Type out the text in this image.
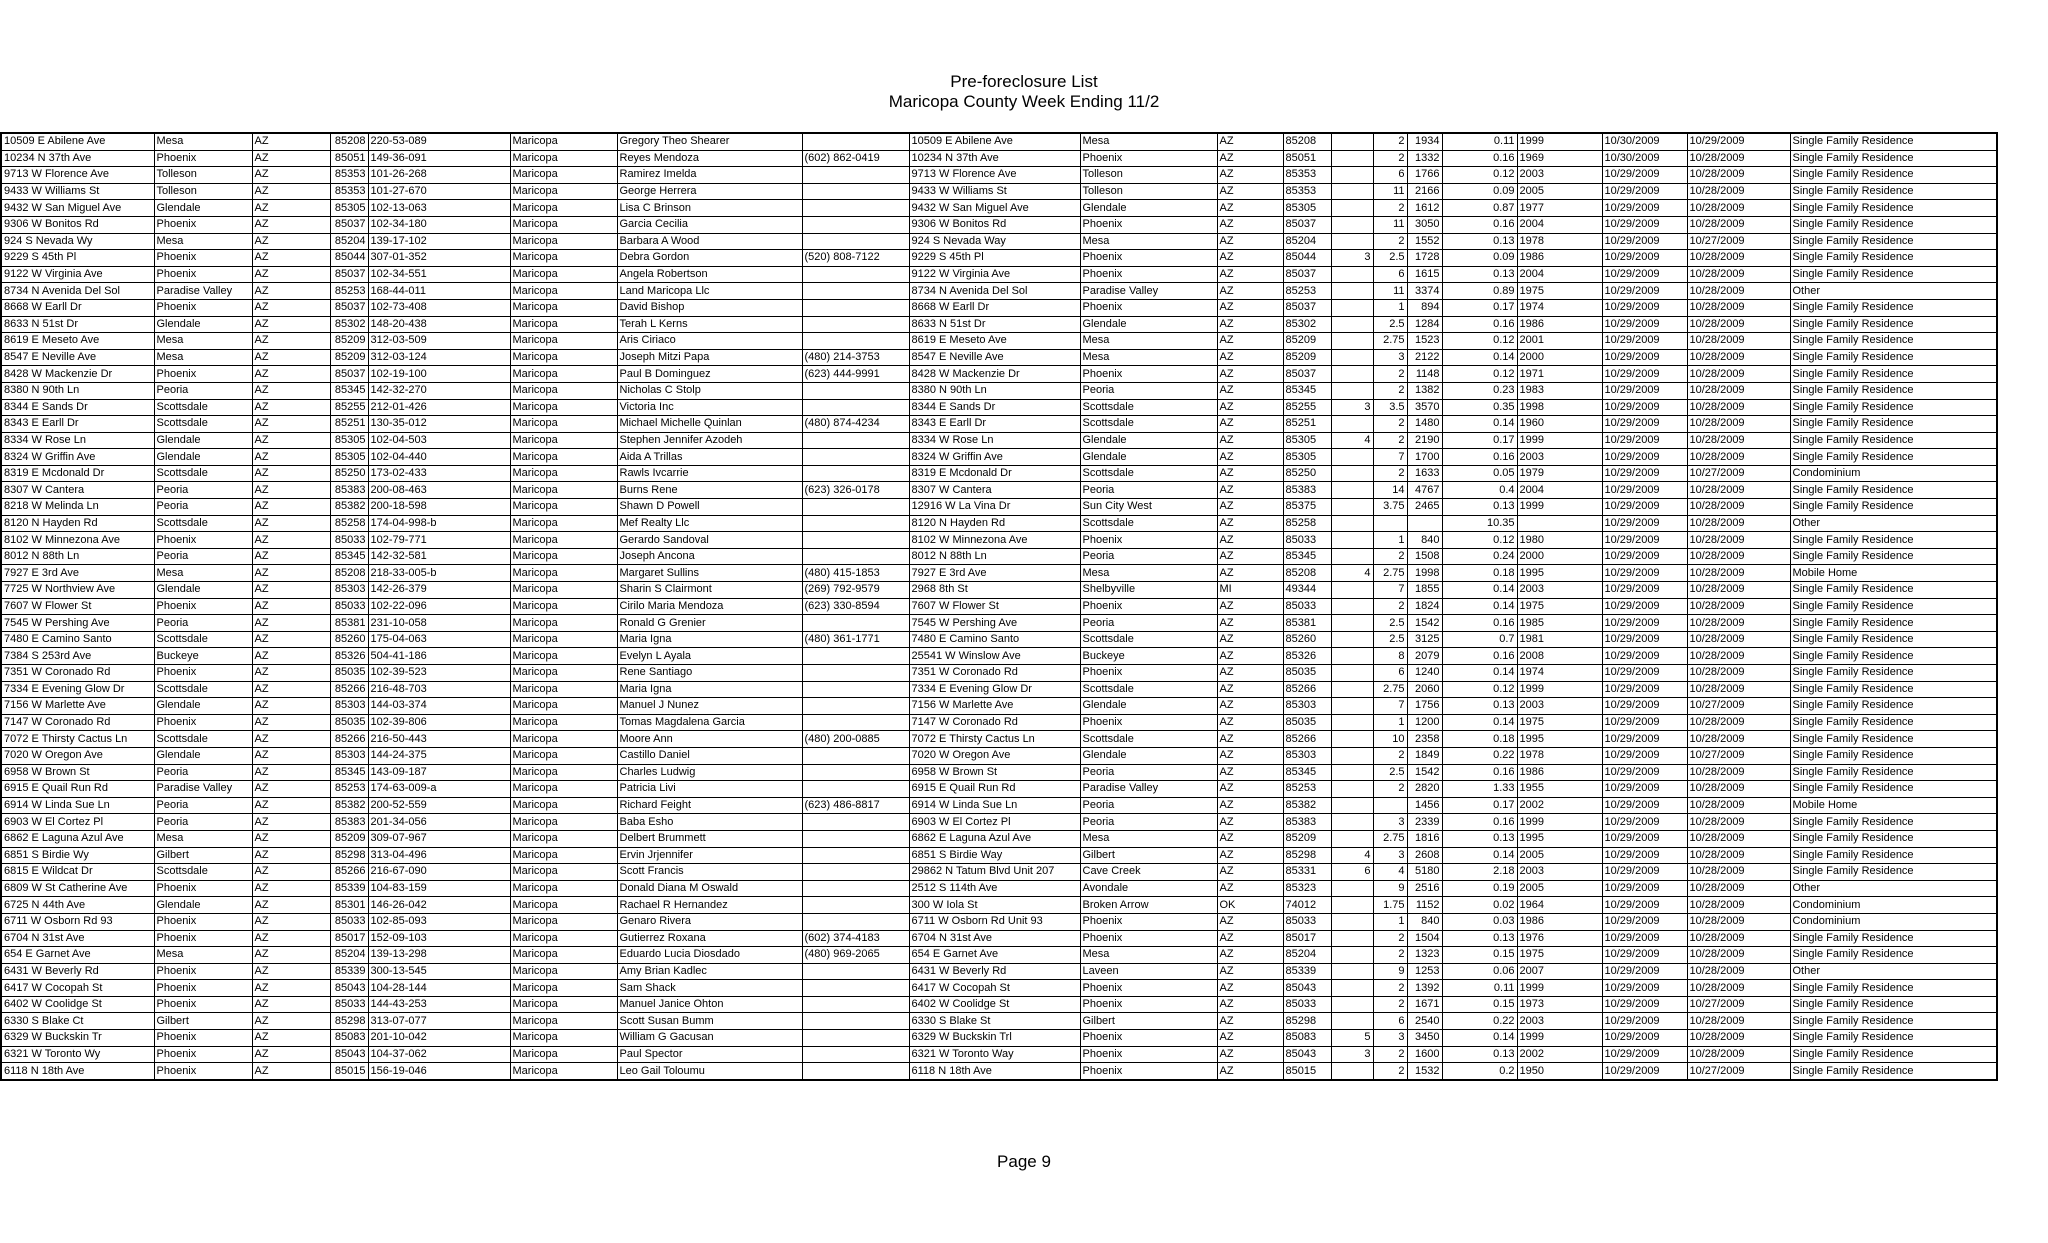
Pre-foreclosure List
Maricopa County Week Ending 11/2
10509 E Abilene Ave	Mesa	AZ	85208	220-53-089	Maricopa	Gregory Theo Shearer		10509 E Abilene Ave	Mesa	AZ	85208		2	1934	0.11	1999	10/30/2009	10/29/2009	Single Family Residence
10234 N 37th Ave	Phoenix	AZ	85051	149-36-091	Maricopa	Reyes Mendoza	(602) 862-0419	10234 N 37th Ave	Phoenix	AZ	85051		2	1332	0.16	1969	10/30/2009	10/28/2009	Single Family Residence
9713 W Florence Ave	Tolleson	AZ	85353	101-26-268	Maricopa	Ramirez Imelda		9713 W Florence Ave	Tolleson	AZ	85353		6	1766	0.12	2003	10/29/2009	10/28/2009	Single Family Residence
9433 W Williams St	Tolleson	AZ	85353	101-27-670	Maricopa	George Herrera		9433 W Williams St	Tolleson	AZ	85353		11	2166	0.09	2005	10/29/2009	10/28/2009	Single Family Residence
9432 W San Miguel Ave	Glendale	AZ	85305	102-13-063	Maricopa	Lisa C Brinson		9432 W San Miguel Ave	Glendale	AZ	85305		2	1612	0.87	1977	10/29/2009	10/28/2009	Single Family Residence
9306 W Bonitos Rd	Phoenix	AZ	85037	102-34-180	Maricopa	Garcia Cecilia		9306 W Bonitos Rd	Phoenix	AZ	85037		11	3050	0.16	2004	10/29/2009	10/28/2009	Single Family Residence
924 S Nevada Wy	Mesa	AZ	85204	139-17-102	Maricopa	Barbara A Wood		924 S Nevada Way	Mesa	AZ	85204		2	1552	0.13	1978	10/29/2009	10/27/2009	Single Family Residence
9229 S 45th Pl	Phoenix	AZ	85044	307-01-352	Maricopa	Debra Gordon	(520) 808-7122	9229 S 45th Pl	Phoenix	AZ	85044	3	2.5	1728	0.09	1986	10/29/2009	10/28/2009	Single Family Residence
9122 W Virginia Ave	Phoenix	AZ	85037	102-34-551	Maricopa	Angela Robertson		9122 W Virginia Ave	Phoenix	AZ	85037		6	1615	0.13	2004	10/29/2009	10/28/2009	Single Family Residence
8734 N Avenida Del Sol	Paradise Valley	AZ	85253	168-44-011	Maricopa	Land Maricopa Llc		8734 N Avenida Del Sol	Paradise Valley	AZ	85253		11	3374	0.89	1975	10/29/2009	10/28/2009	Other
8668 W Earll Dr	Phoenix	AZ	85037	102-73-408	Maricopa	David Bishop		8668 W Earll Dr	Phoenix	AZ	85037		1	894	0.17	1974	10/29/2009	10/28/2009	Single Family Residence
8633 N 51st Dr	Glendale	AZ	85302	148-20-438	Maricopa	Terah L Kerns		8633 N 51st Dr	Glendale	AZ	85302		2.5	1284	0.16	1986	10/29/2009	10/28/2009	Single Family Residence
8619 E Meseto Ave	Mesa	AZ	85209	312-03-509	Maricopa	Aris Ciriaco		8619 E Meseto Ave	Mesa	AZ	85209		2.75	1523	0.12	2001	10/29/2009	10/28/2009	Single Family Residence
8547 E Neville Ave	Mesa	AZ	85209	312-03-124	Maricopa	Joseph Mitzi Papa	(480) 214-3753	8547 E Neville Ave	Mesa	AZ	85209		3	2122	0.14	2000	10/29/2009	10/28/2009	Single Family Residence
8428 W Mackenzie Dr	Phoenix	AZ	85037	102-19-100	Maricopa	Paul B Dominguez	(623) 444-9991	8428 W Mackenzie Dr	Phoenix	AZ	85037		2	1148	0.12	1971	10/29/2009	10/28/2009	Single Family Residence
8380 N 90th Ln	Peoria	AZ	85345	142-32-270	Maricopa	Nicholas C Stolp		8380 N 90th Ln	Peoria	AZ	85345		2	1382	0.23	1983	10/29/2009	10/28/2009	Single Family Residence
8344 E Sands Dr	Scottsdale	AZ	85255	212-01-426	Maricopa	Victoria Inc		8344 E Sands Dr	Scottsdale	AZ	85255	3	3.5	3570	0.35	1998	10/29/2009	10/28/2009	Single Family Residence
8343 E Earll Dr	Scottsdale	AZ	85251	130-35-012	Maricopa	Michael Michelle Quinlan	(480) 874-4234	8343 E Earll Dr	Scottsdale	AZ	85251		2	1480	0.14	1960	10/29/2009	10/28/2009	Single Family Residence
8334 W Rose Ln	Glendale	AZ	85305	102-04-503	Maricopa	Stephen Jennifer Azodeh		8334 W Rose Ln	Glendale	AZ	85305	4	2	2190	0.17	1999	10/29/2009	10/28/2009	Single Family Residence
8324 W Griffin Ave	Glendale	AZ	85305	102-04-440	Maricopa	Aida A Trillas		8324 W Griffin Ave	Glendale	AZ	85305		7	1700	0.16	2003	10/29/2009	10/28/2009	Single Family Residence
8319 E Mcdonald Dr	Scottsdale	AZ	85250	173-02-433	Maricopa	Rawls Ivcarrie		8319 E Mcdonald Dr	Scottsdale	AZ	85250		2	1633	0.05	1979	10/29/2009	10/27/2009	Condominium
8307 W Cantera	Peoria	AZ	85383	200-08-463	Maricopa	Burns Rene	(623) 326-0178	8307 W Cantera	Peoria	AZ	85383		14	4767	0.4	2004	10/29/2009	10/28/2009	Single Family Residence
8218 W Melinda Ln	Peoria	AZ	85382	200-18-598	Maricopa	Shawn D Powell		12916 W La Vina Dr	Sun City West	AZ	85375		3.75	2465	0.13	1999	10/29/2009	10/28/2009	Single Family Residence
8120 N Hayden Rd	Scottsdale	AZ	85258	174-04-998-b	Maricopa	Mef Realty Llc		8120 N Hayden Rd	Scottsdale	AZ	85258				10.35		10/29/2009	10/28/2009	Other
8102 W Minnezona Ave	Phoenix	AZ	85033	102-79-771	Maricopa	Gerardo Sandoval		8102 W Minnezona Ave	Phoenix	AZ	85033		1	840	0.12	1980	10/29/2009	10/28/2009	Single Family Residence
8012 N 88th Ln	Peoria	AZ	85345	142-32-581	Maricopa	Joseph Ancona		8012 N 88th Ln	Peoria	AZ	85345		2	1508	0.24	2000	10/29/2009	10/28/2009	Single Family Residence
7927 E 3rd Ave	Mesa	AZ	85208	218-33-005-b	Maricopa	Margaret Sullins	(480) 415-1853	7927 E 3rd Ave	Mesa	AZ	85208	4	2.75	1998	0.18	1995	10/29/2009	10/28/2009	Mobile Home
7725 W Northview Ave	Glendale	AZ	85303	142-26-379	Maricopa	Sharin S Clairmont	(269) 792-9579	2968 8th St	Shelbyville	MI	49344		7	1855	0.14	2003	10/29/2009	10/28/2009	Single Family Residence
7607 W Flower St	Phoenix	AZ	85033	102-22-096	Maricopa	Cirilo Maria Mendoza	(623) 330-8594	7607 W Flower St	Phoenix	AZ	85033		2	1824	0.14	1975	10/29/2009	10/28/2009	Single Family Residence
7545 W Pershing Ave	Peoria	AZ	85381	231-10-058	Maricopa	Ronald G Grenier		7545 W Pershing Ave	Peoria	AZ	85381		2.5	1542	0.16	1985	10/29/2009	10/28/2009	Single Family Residence
7480 E Camino Santo	Scottsdale	AZ	85260	175-04-063	Maricopa	Maria Igna	(480) 361-1771	7480 E Camino Santo	Scottsdale	AZ	85260		2.5	3125	0.7	1981	10/29/2009	10/28/2009	Single Family Residence
7384 S 253rd Ave	Buckeye	AZ	85326	504-41-186	Maricopa	Evelyn L Ayala		25541 W Winslow Ave	Buckeye	AZ	85326		8	2079	0.16	2008	10/29/2009	10/28/2009	Single Family Residence
7351 W Coronado Rd	Phoenix	AZ	85035	102-39-523	Maricopa	Rene Santiago		7351 W Coronado Rd	Phoenix	AZ	85035		6	1240	0.14	1974	10/29/2009	10/28/2009	Single Family Residence
7334 E Evening Glow Dr	Scottsdale	AZ	85266	216-48-703	Maricopa	Maria Igna		7334 E Evening Glow Dr	Scottsdale	AZ	85266		2.75	2060	0.12	1999	10/29/2009	10/28/2009	Single Family Residence
7156 W Marlette Ave	Glendale	AZ	85303	144-03-374	Maricopa	Manuel J Nunez		7156 W Marlette Ave	Glendale	AZ	85303		7	1756	0.13	2003	10/29/2009	10/27/2009	Single Family Residence
7147 W Coronado Rd	Phoenix	AZ	85035	102-39-806	Maricopa	Tomas Magdalena Garcia		7147 W Coronado Rd	Phoenix	AZ	85035		1	1200	0.14	1975	10/29/2009	10/28/2009	Single Family Residence
7072 E Thirsty Cactus Ln	Scottsdale	AZ	85266	216-50-443	Maricopa	Moore Ann	(480) 200-0885	7072 E Thirsty Cactus Ln	Scottsdale	AZ	85266		10	2358	0.18	1995	10/29/2009	10/28/2009	Single Family Residence
7020 W Oregon Ave	Glendale	AZ	85303	144-24-375	Maricopa	Castillo Daniel		7020 W Oregon Ave	Glendale	AZ	85303		2	1849	0.22	1978	10/29/2009	10/27/2009	Single Family Residence
6958 W Brown St	Peoria	AZ	85345	143-09-187	Maricopa	Charles Ludwig		6958 W Brown St	Peoria	AZ	85345		2.5	1542	0.16	1986	10/29/2009	10/28/2009	Single Family Residence
6915 E Quail Run Rd	Paradise Valley	AZ	85253	174-63-009-a	Maricopa	Patricia Livi		6915 E Quail Run Rd	Paradise Valley	AZ	85253		2	2820	1.33	1955	10/29/2009	10/28/2009	Single Family Residence
6914 W Linda Sue Ln	Peoria	AZ	85382	200-52-559	Maricopa	Richard Feight	(623) 486-8817	6914 W Linda Sue Ln	Peoria	AZ	85382			1456	0.17	2002	10/29/2009	10/28/2009	Mobile Home
6903 W El Cortez Pl	Peoria	AZ	85383	201-34-056	Maricopa	Baba Esho		6903 W El Cortez Pl	Peoria	AZ	85383		3	2339	0.16	1999	10/29/2009	10/28/2009	Single Family Residence
6862 E Laguna Azul Ave	Mesa	AZ	85209	309-07-967	Maricopa	Delbert Brummett		6862 E Laguna Azul Ave	Mesa	AZ	85209		2.75	1816	0.13	1995	10/29/2009	10/28/2009	Single Family Residence
6851 S Birdie Wy	Gilbert	AZ	85298	313-04-496	Maricopa	Ervin Jrjennifer		6851 S Birdie Way	Gilbert	AZ	85298	4	3	2608	0.14	2005	10/29/2009	10/28/2009	Single Family Residence
6815 E Wildcat Dr	Scottsdale	AZ	85266	216-67-090	Maricopa	Scott Francis		29862 N Tatum Blvd Unit 207	Cave Creek	AZ	85331	6	4	5180	2.18	2003	10/29/2009	10/28/2009	Single Family Residence
6809 W St Catherine Ave	Phoenix	AZ	85339	104-83-159	Maricopa	Donald Diana M Oswald		2512 S 114th Ave	Avondale	AZ	85323		9	2516	0.19	2005	10/29/2009	10/28/2009	Other
6725 N 44th Ave	Glendale	AZ	85301	146-26-042	Maricopa	Rachael R Hernandez		300 W Iola St	Broken Arrow	OK	74012		1.75	1152	0.02	1964	10/29/2009	10/28/2009	Condominium
6711 W Osborn Rd 93	Phoenix	AZ	85033	102-85-093	Maricopa	Genaro Rivera		6711 W Osborn Rd Unit 93	Phoenix	AZ	85033		1	840	0.03	1986	10/29/2009	10/28/2009	Condominium
6704 N 31st Ave	Phoenix	AZ	85017	152-09-103	Maricopa	Gutierrez Roxana	(602) 374-4183	6704 N 31st Ave	Phoenix	AZ	85017		2	1504	0.13	1976	10/29/2009	10/28/2009	Single Family Residence
654 E Garnet Ave	Mesa	AZ	85204	139-13-298	Maricopa	Eduardo Lucia Diosdado	(480) 969-2065	654 E Garnet Ave	Mesa	AZ	85204		2	1323	0.15	1975	10/29/2009	10/28/2009	Single Family Residence
6431 W Beverly Rd	Phoenix	AZ	85339	300-13-545	Maricopa	Amy Brian Kadlec		6431 W Beverly Rd	Laveen	AZ	85339		9	1253	0.06	2007	10/29/2009	10/28/2009	Other
6417 W Cocopah St	Phoenix	AZ	85043	104-28-144	Maricopa	Sam Shack		6417 W Cocopah St	Phoenix	AZ	85043		2	1392	0.11	1999	10/29/2009	10/28/2009	Single Family Residence
6402 W Coolidge St	Phoenix	AZ	85033	144-43-253	Maricopa	Manuel Janice Ohton		6402 W Coolidge St	Phoenix	AZ	85033		2	1671	0.15	1973	10/29/2009	10/27/2009	Single Family Residence
6330 S Blake Ct	Gilbert	AZ	85298	313-07-077	Maricopa	Scott Susan Bumm		6330 S Blake St	Gilbert	AZ	85298		6	2540	0.22	2003	10/29/2009	10/28/2009	Single Family Residence
6329 W Buckskin Tr	Phoenix	AZ	85083	201-10-042	Maricopa	William G Gacusan		6329 W Buckskin Trl	Phoenix	AZ	85083	5	3	3450	0.14	1999	10/29/2009	10/28/2009	Single Family Residence
6321 W Toronto Wy	Phoenix	AZ	85043	104-37-062	Maricopa	Paul Spector		6321 W Toronto Way	Phoenix	AZ	85043	3	2	1600	0.13	2002	10/29/2009	10/28/2009	Single Family Residence
6118 N 18th Ave	Phoenix	AZ	85015	156-19-046	Maricopa	Leo Gail Toloumu		6118 N 18th Ave	Phoenix	AZ	85015		2	1532	0.2	1950	10/29/2009	10/27/2009	Single Family Residence
Page 9
